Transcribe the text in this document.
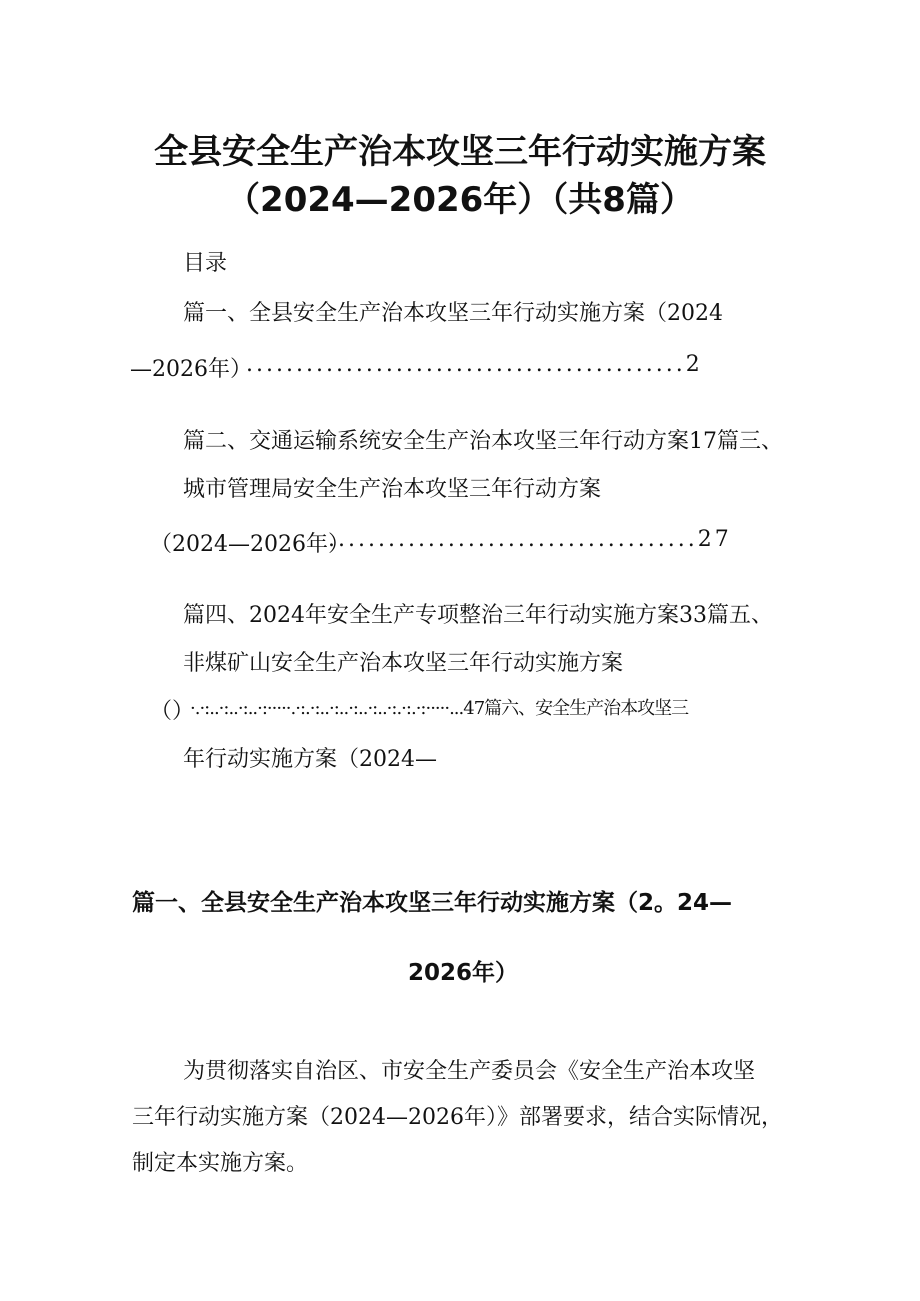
全县安全生产治本攻坚三年行动实施方案
（2024—2026年）（共8篇）
目录
篇一、全县安全生产治本攻坚三年行动实施方案（2024
—2026年）
............................................2
篇二、交通运输系统安全生产治本攻坚三年行动方案17篇三、
城市管理局安全生产治本攻坚三年行动方案
（2024—2026年）
.....................................27
篇四、2024年安全生产专项整治三年行动实施方案33篇五、
非煤矿山安全生产治本攻坚三年行动实施方案
（）
·.·:..·:..·:..·:·····.·:.·:..·:..·:..·:..·:.·:.·:·····...47篇六、安全生产治本攻坚三
年行动实施方案（2024—
篇一、全县安全生产治本攻坚三年行动实施方案（2。24—
2026年）
为贯彻落实自治区、市安全生产委员会《安全生产治本攻坚
三年行动实施方案（2024—2026年）》部署要求，结合实际情况，
制定本实施方案。
